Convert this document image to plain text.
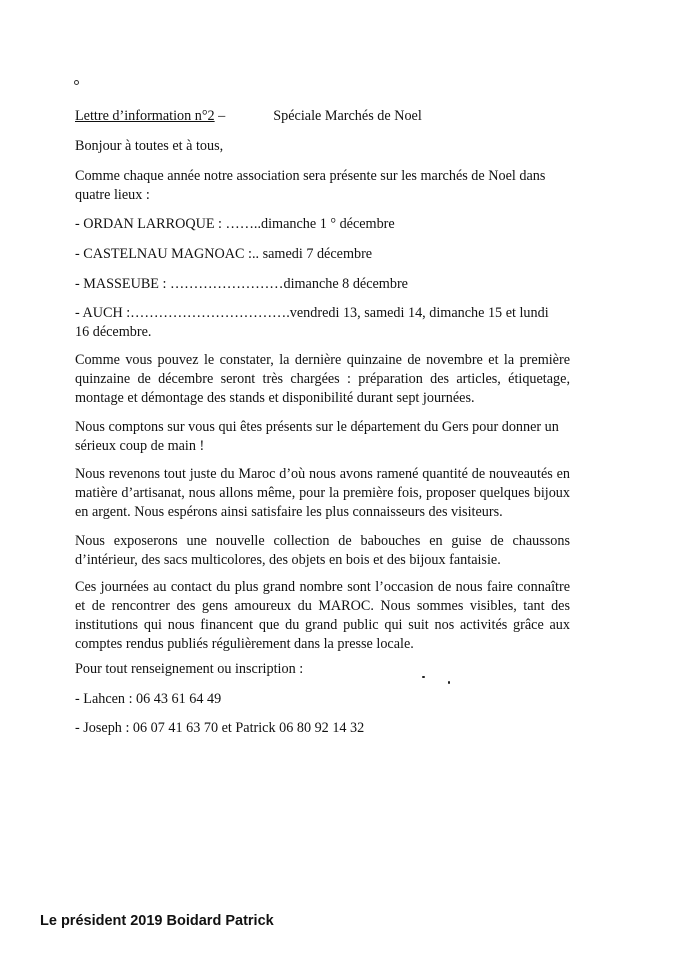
Lettre d’information n°2 –	Spéciale Marchés de Noel
Bonjour à toutes et à tous,
Comme chaque année notre association sera présente sur les marchés de Noel dans quatre lieux :
- ORDAN LARROQUE : ……..dimanche 1 ° décembre
- CASTELNAU MAGNOAC :.. samedi 7 décembre
- MASSEUBE : ……………………dimanche 8 décembre
- AUCH :…………………………….vendredi 13, samedi 14, dimanche 15 et lundi 16 décembre.
Comme vous pouvez le constater, la dernière quinzaine de novembre et la première quinzaine de décembre seront très chargées : préparation des articles, étiquetage, montage et démontage des stands et disponibilité durant sept journées.
Nous comptons sur vous qui êtes présents sur le département du Gers pour donner un sérieux coup de main !
Nous revenons tout juste du Maroc d’où nous avons ramené quantité de nouveautés en matière d’artisanat, nous allons même, pour la première fois, proposer quelques bijoux en argent. Nous espérons ainsi satisfaire les plus connaisseurs des visiteurs.
Nous exposerons une nouvelle collection de babouches en guise de chaussons d’intérieur, des sacs multicolores, des objets en bois et des bijoux fantaisie.
Ces journées au contact du plus grand nombre sont l’occasion de nous faire connaître et de rencontrer des gens amoureux du MAROC. Nous sommes visibles, tant des institutions qui nous financent que du grand public qui suit nos activités grâce aux comptes rendus publiés régulièrement dans la presse locale.
Pour tout renseignement ou inscription :
- Lahcen : 06 43 61 64 49
- Joseph : 06 07 41 63 70 et Patrick 06 80 92 14 32
Le président 2019 Boidard Patrick
